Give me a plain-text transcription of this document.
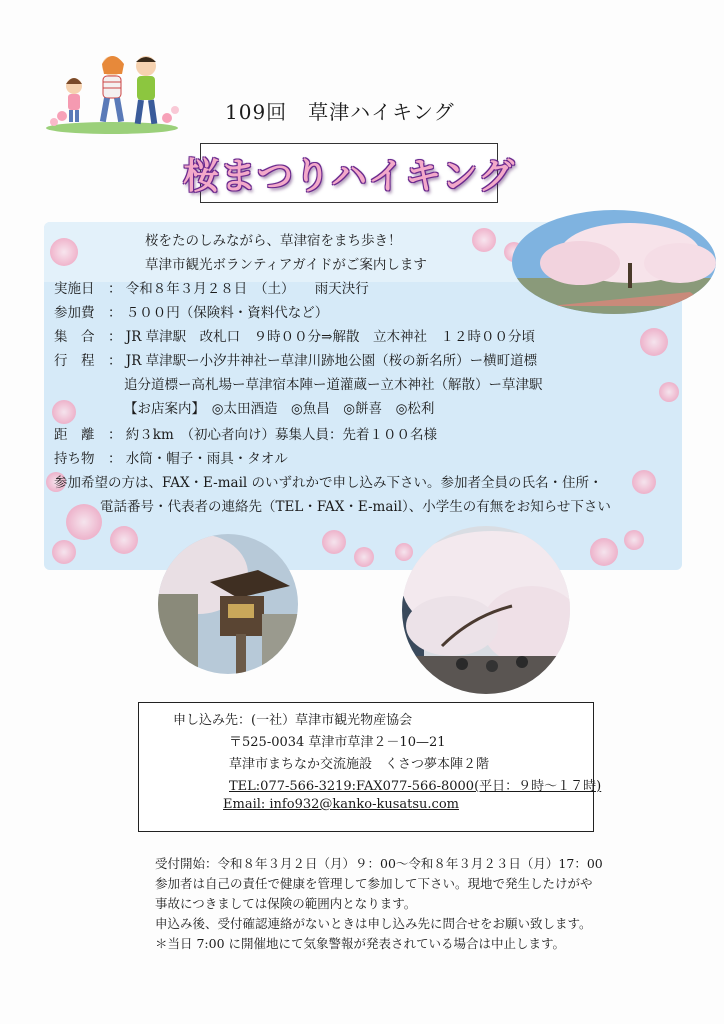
109回　草津ハイキング
桜まつりハイキング
桜をたのしみながら、草津宿をまち歩き！
草津市観光ボランティアガイドがご案内します
実施日　： 令和８年３月２８日　（土）　　雨天決行
参加費　： ５００円（保険料・資料代など）
集　合　： JR 草津駅　改札口　９時００分⇒解散　立木神社　１２時００分頃
行　程　： JR 草津駅ー小汐井神社ー草津川跡地公園（桜の新名所）ー横町道標
追分道標ー高札場ー草津宿本陣ー道灌蔵ー立木神社（解散）ー草津駅
【お店案内】　◎太田酒造　◎魚昌　◎餅喜　◎松利
距　離　： 約３km　（初心者向け）募集人員：先着１００名様
持ち物　： 水筒・帽子・雨具・タオル
参加希望の方は、FAX・E-mail のいずれかで申し込み下さい。参加者全員の氏名・住所・
電話番号・代表者の連絡先（TEL・FAX・E-mail）、小学生の有無をお知らせ下さい
申し込み先：(一社）草津市観光物産協会
〒525-0034 草津市草津２－10—21
草津市まちなか交流施設　くさつ夢本陣２階
TEL:077-566-3219:FAX077-566-8000(平日：９時～１７時)
Email: info932@kanko-kusatsu.com
受付開始：令和８年３月２日（月）９：00～令和８年３月２３日（月）17：00
参加者は自己の責任で健康を管理して参加して下さい。現地で発生したけがや
事故につきましては保険の範囲内となります。
申込み後、受付確認連絡がないときは申し込み先に問合せをお願い致します。
＊当日 7:00 に開催地にて気象警報が発表されている場合は中止します。
